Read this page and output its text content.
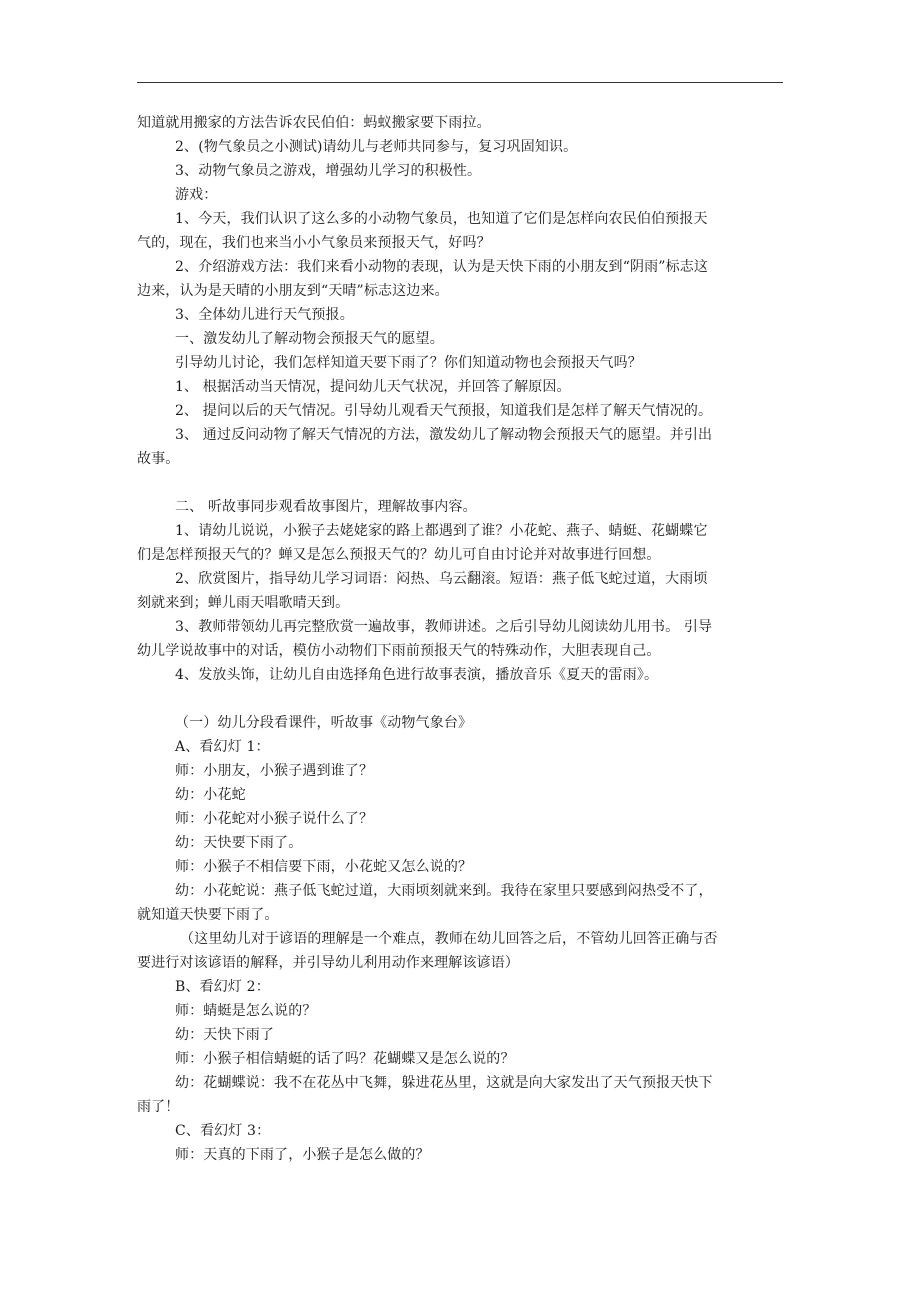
知道就用搬家的方法告诉农民伯伯：蚂蚁搬家要下雨拉。
2、(物气象员之小测试)请幼儿与老师共同参与，复习巩固知识。
3、动物气象员之游戏，增强幼儿学习的积极性。
游戏：
1、今天，我们认识了这么多的小动物气象员，也知道了它们是怎样向农民伯伯预报天
气的，现在，我们也来当小小气象员来预报天气，好吗？
2、介绍游戏方法：我们来看小动物的表现，认为是天快下雨的小朋友到“阴雨”标志这
边来，认为是天晴的小朋友到“天晴”标志这边来。
3、全体幼儿进行天气预报。
一、激发幼儿了解动物会预报天气的愿望。
引导幼儿讨论，我们怎样知道天要下雨了？你们知道动物也会预报天气吗？
1、 根据活动当天情况，提问幼儿天气状况，并回答了解原因。
2、 提问以后的天气情况。引导幼儿观看天气预报，知道我们是怎样了解天气情况的。
3、 通过反问动物了解天气情况的方法，激发幼儿了解动物会预报天气的愿望。并引出
故事。
二、 听故事同步观看故事图片，理解故事内容。
1、请幼儿说说，小猴子去姥姥家的路上都遇到了谁？小花蛇、燕子、蜻蜓、花蝴蝶它
们是怎样预报天气的？蝉又是怎么预报天气的？幼儿可自由讨论并对故事进行回想。
2、欣赏图片，指导幼儿学习词语：闷热、乌云翻滚。短语：燕子低飞蛇过道，大雨顷
刻就来到；蝉儿雨天唱歌晴天到。
3、教师带领幼儿再完整欣赏一遍故事，教师讲述。之后引导幼儿阅读幼儿用书。 引导
幼儿学说故事中的对话，模仿小动物们下雨前预报天气的特殊动作，大胆表现自己。
4、发放头饰，让幼儿自由选择角色进行故事表演，播放音乐《夏天的雷雨》。
（一）幼儿分段看课件，听故事《动物气象台》
A、看幻灯 1：
师：小朋友，小猴子遇到谁了？
幼：小花蛇
师：小花蛇对小猴子说什么了？
幼：天快要下雨了。
师：小猴子不相信要下雨，小花蛇又怎么说的？
幼：小花蛇说：燕子低飞蛇过道，大雨顷刻就来到。我待在家里只要感到闷热受不了，
就知道天快要下雨了。
（这里幼儿对于谚语的理解是一个难点，教师在幼儿回答之后，不管幼儿回答正确与否
要进行对该谚语的解释，并引导幼儿利用动作来理解该谚语）
B、看幻灯 2：
师：蜻蜓是怎么说的？
幼：天快下雨了
师：小猴子相信蜻蜓的话了吗？花蝴蝶又是怎么说的？
幼：花蝴蝶说：我不在花丛中飞舞，躲进花丛里，这就是向大家发出了天气预报天快下
雨了！
C、看幻灯 3：
师：天真的下雨了，小猴子是怎么做的？
